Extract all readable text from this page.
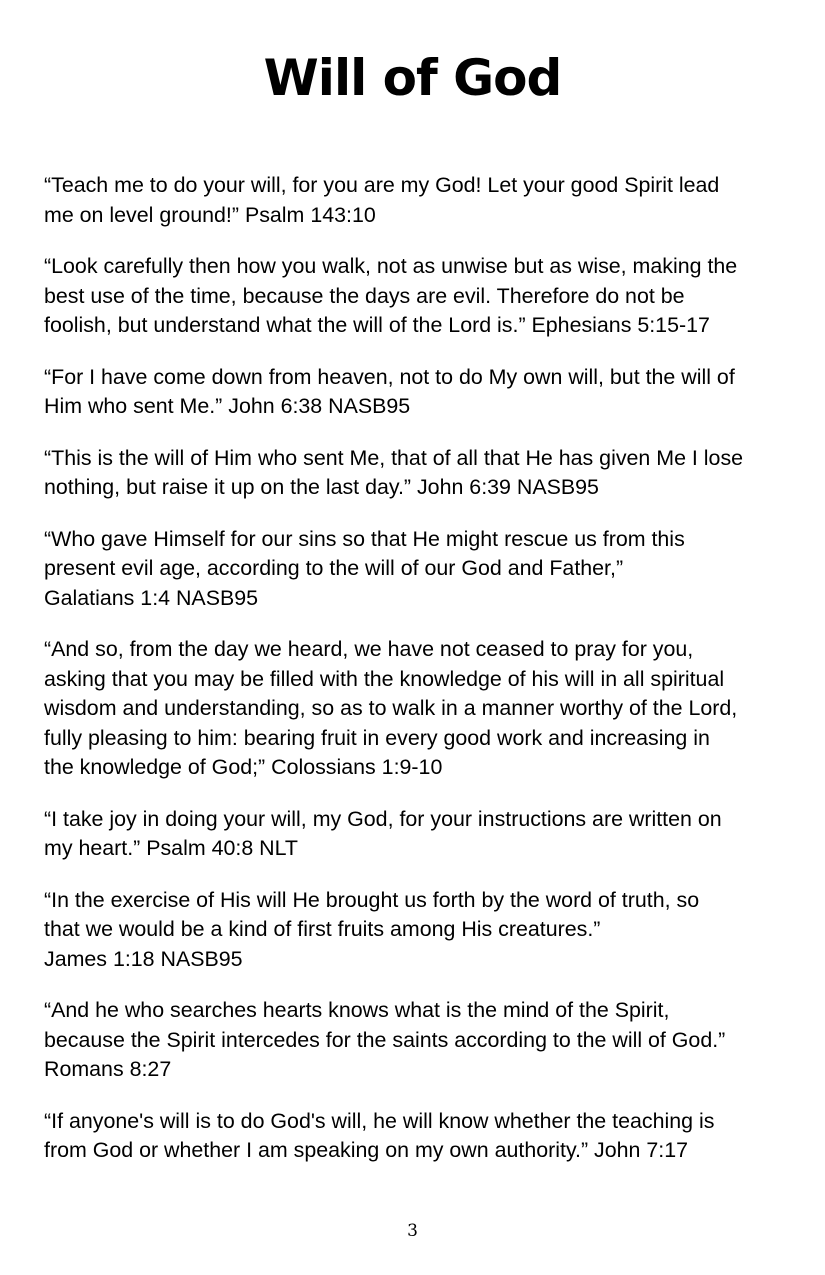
Will of God
“Teach me to do your will, for you are my God! Let your good Spirit lead
me on level ground!” Psalm 143:10
“Look carefully then how you walk, not as unwise but as wise, making the
best use of the time, because the days are evil. Therefore do not be
foolish, but understand what the will of the Lord is.” Ephesians 5:15-17
“For I have come down from heaven, not to do My own will, but the will of
Him who sent Me.” John 6:38 NASB95
“This is the will of Him who sent Me, that of all that He has given Me I lose
nothing, but raise it up on the last day.” John 6:39 NASB95
“Who gave Himself for our sins so that He might rescue us from this
present evil age, according to the will of our God and Father,”
Galatians 1:4 NASB95
“And so, from the day we heard, we have not ceased to pray for you,
asking that you may be filled with the knowledge of his will in all spiritual
wisdom and understanding, so as to walk in a manner worthy of the Lord,
fully pleasing to him: bearing fruit in every good work and increasing in
the knowledge of God;” Colossians 1:9-10
“I take joy in doing your will, my God, for your instructions are written on
my heart.” Psalm 40:8 NLT
“In the exercise of His will He brought us forth by the word of truth, so
that we would be a kind of first fruits among His creatures.”
James 1:18 NASB95
“And he who searches hearts knows what is the mind of the Spirit,
because the Spirit intercedes for the saints according to the will of God.”
Romans 8:27
“If anyone's will is to do God's will, he will know whether the teaching is
from God or whether I am speaking on my own authority.” John 7:17
3
